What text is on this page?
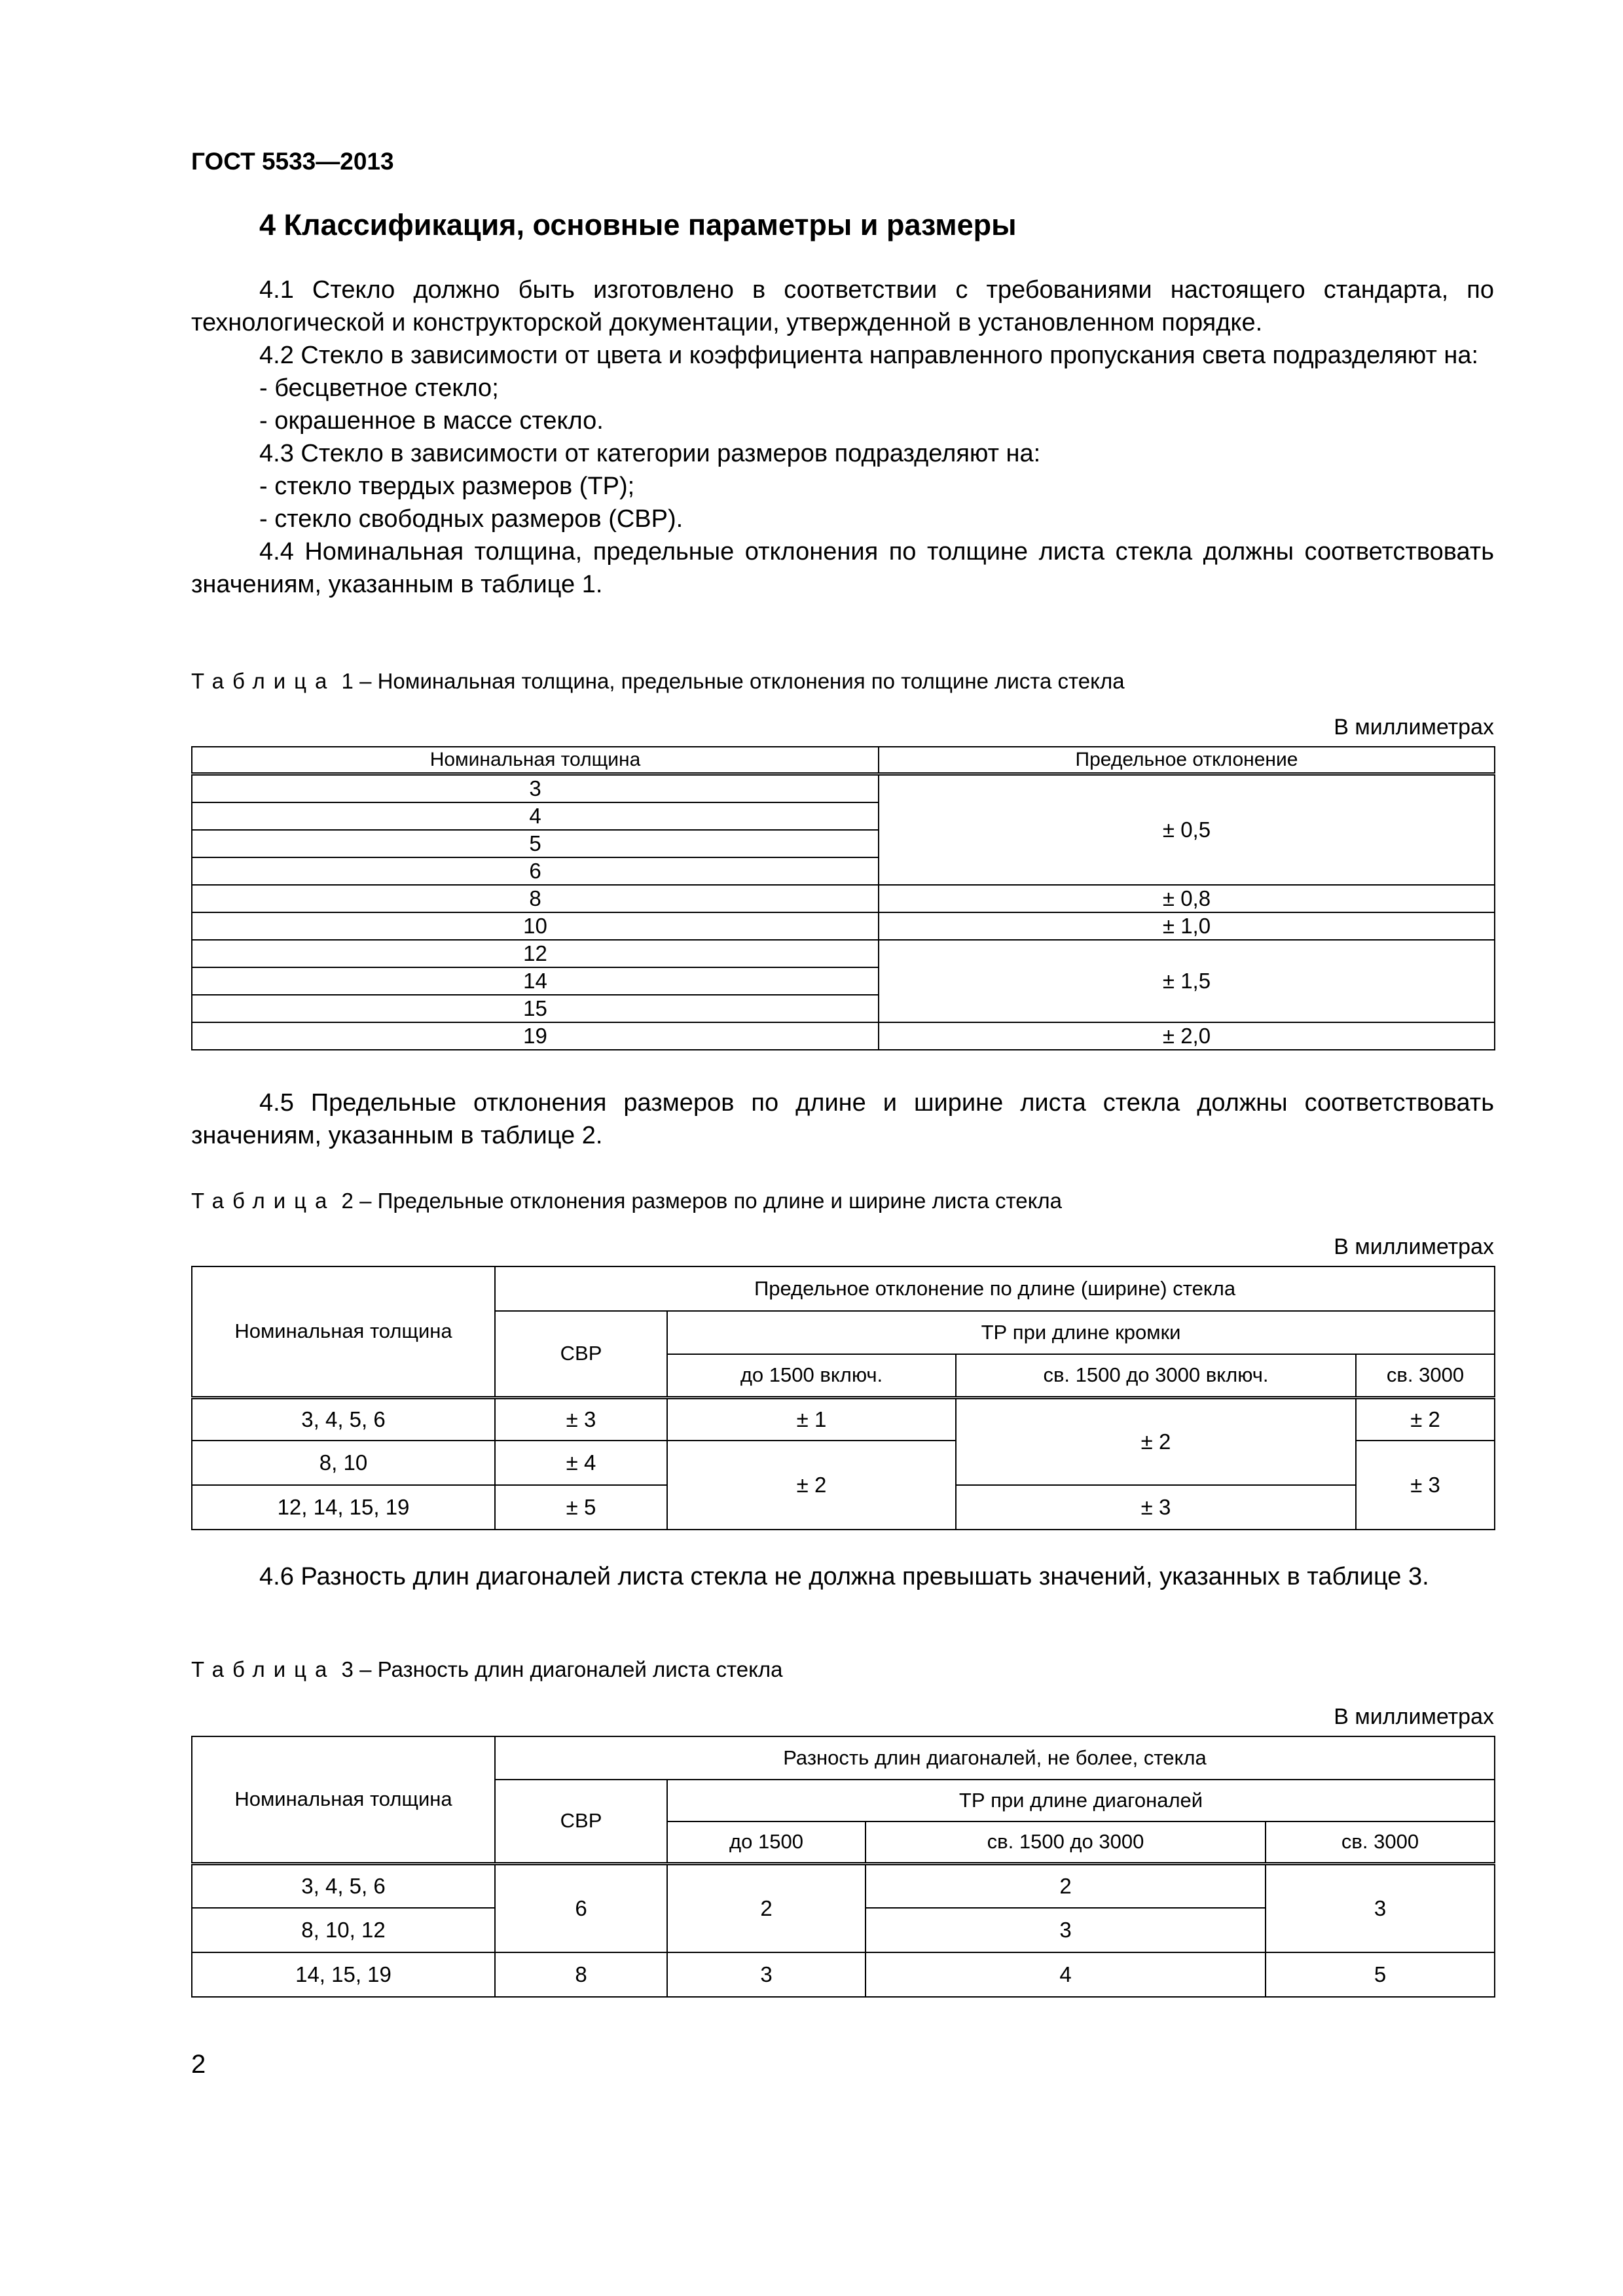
ГОСТ 5533—2013
4 Классификация, основные параметры и размеры

4.1 Стекло должно быть изготовлено в соответствии с требованиями настоящего стандарта, по технологической и конструкторской документации, утвержденной в установленном порядке.

4.2 Стекло в зависимости от цвета и коэффициента направленного пропускания света подразделяют на:

- бесцветное стекло;

- окрашенное в массе стекло.

4.3 Стекло в зависимости от категории размеров подразделяют на:

- стекло твердых размеров (ТР);

- стекло свободных размеров (СВР).

4.4 Номинальная толщина, предельные отклонения по толщине листа стекла должны соответствовать значениям, указанным в таблице 1.

Таблица 1 – Номинальная толщина, предельные отклонения по толщине листа стекла
В миллиметрах
Номинальная толщина	Предельное отклонение
3	± 0,5
4	
5	
6	
8	± 0,8
10	± 1,0
12	± 1,5
14	
15	
19	± 2,0

4.5 Предельные отклонения размеров по длине и ширине листа стекла должны соответствовать значениям, указанным в таблице 2.

Таблица 2 – Предельные отклонения размеров по длине и ширине листа стекла
В миллиметрах
Номинальная толщина	Предельное отклонение по длине (ширине) стекла			
	СВР	ТР при длине кромки		
		до 1500 включ.	св. 1500 до 3000 включ.	св. 3000
3, 4, 5, 6	± 3	± 1	± 2	± 2
8, 10	± 4	± 2		± 3
12, 14, 15, 19	± 5		± 3	

4.6 Разность длин диагоналей листа стекла не должна превышать значений, указанных в таблице 3.

Таблица 3 – Разность длин диагоналей листа стекла
В миллиметрах
Номинальная толщина	Разность длин диагоналей, не более, стекла			
	СВР	ТР при длине диагоналей		
		до 1500	св. 1500 до 3000	св. 3000
3, 4, 5, 6	6	2	2	3
8, 10, 12			3	
14, 15, 19	8	3	4	5
2
